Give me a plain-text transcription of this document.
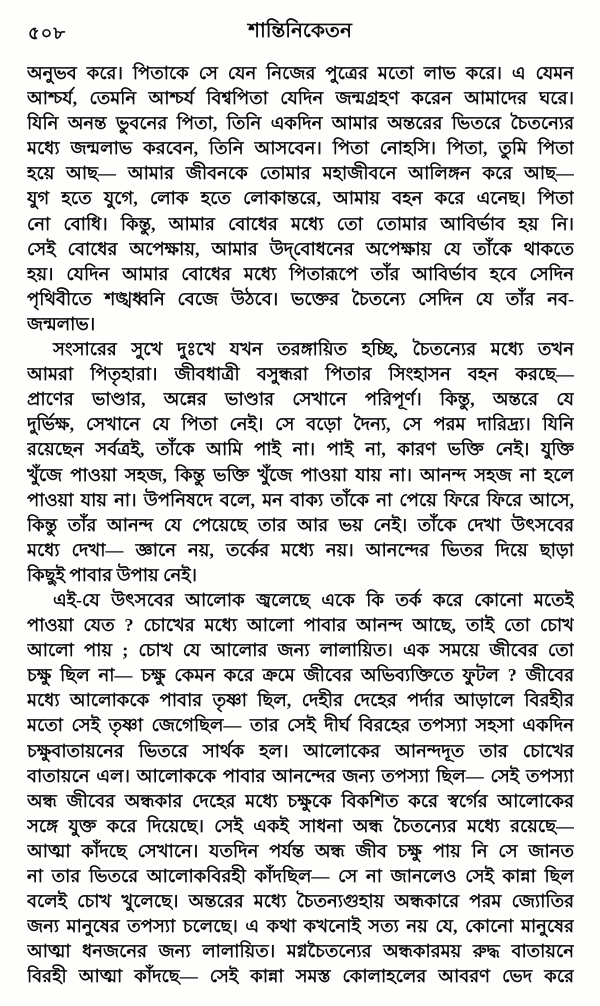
৫০৮	শান্তিনিকেতন
অনুভব করে। পিতাকে সে যেন নিজের পুত্রের মতো লাভ করে। এ যেমন
আশ্চর্য, তেমনি আশ্চর্য বিশ্বপিতা যেদিন জন্মগ্রহণ করেন আমাদের ঘরে।
যিনি অনন্ত ভুবনের পিতা, তিনি একদিন আমার অন্তরের ভিতরে চৈতন্যের
মধ্যে জন্মলাভ করবেন, তিনি আসবেন। পিতা নোহসি। পিতা, তুমি পিতা
হয়ে আছ— আমার জীবনকে তোমার মহাজীবনে আলিঙ্গন করে আছ—
যুগ হতে যুগে, লোক হতে লোকান্তরে, আমায় বহন করে এনেছ। পিতা
নো বোধি। কিন্তু, আমার বোধের মধ্যে তো তোমার আবির্ভাব হয় নি।
সেই বোধের অপেক্ষায়, আমার উদ্‌বোধনের অপেক্ষায় যে তাঁকে থাকতে
হয়। যেদিন আমার বোধের মধ্যে পিতারূপে তাঁর আবির্ভাব হবে সেদিন
পৃথিবীতে শঙ্খধ্বনি বেজে উঠবে। ভক্তের চৈতন্যে সেদিন যে তাঁর নব-
জন্মলাভ।
সংসারের সুখে দুঃখে যখন তরঙ্গায়িত হচ্ছি, চৈতন্যের মধ্যে তখন
আমরা পিতৃহারা। জীবধাত্রী বসুন্ধরা পিতার সিংহাসন বহন করছে—
প্রাণের ভাণ্ডার, অন্নের ভাণ্ডার সেখানে পরিপূর্ণ। কিন্তু, অন্তরে যে
দুর্ভিক্ষ, সেখানে যে পিতা নেই। সে বড়ো দৈন্য, সে পরম দারিদ্র্য। যিনি
রয়েছেন সর্বত্রই, তাঁকে আমি পাই না। পাই না, কারণ ভক্তি নেই। যুক্তি
খুঁজে পাওয়া সহজ, কিন্তু ভক্তি খুঁজে পাওয়া যায় না। আনন্দ সহজ না হলে
পাওয়া যায় না। উপনিষদে বলে, মন বাক্য তাঁকে না পেয়ে ফিরে ফিরে আসে,
কিন্তু তাঁর আনন্দ যে পেয়েছে তার আর ভয় নেই। তাঁকে দেখা উৎসবের
মধ্যে দেখা— জ্ঞানে নয়, তর্কের মধ্যে নয়। আনন্দের ভিতর দিয়ে ছাড়া
কিছুই পাবার উপায় নেই।
এই-যে উৎসবের আলোক জ্বলেছে একে কি তর্ক করে কোনো মতেই
পাওয়া যেত ? চোখের মধ্যে আলো পাবার আনন্দ আছে, তাই তো চোখ
আলো পায় ; চোখ যে আলোর জন্য লালায়িত। এক সময়ে জীবের তো
চক্ষু ছিল না— চক্ষু কেমন করে ক্রমে জীবের অভিব্যক্তিতে ফুটল ? জীবের
মধ্যে আলোককে পাবার তৃষ্ণা ছিল, দেহীর দেহের পর্দার আড়ালে বিরহীর
মতো সেই তৃষ্ণা জেগেছিল— তার সেই দীর্ঘ বিরহের তপস্যা সহসা একদিন
চক্ষুবাতায়নের ভিতরে সার্থক হল। আলোকের আনন্দদূত তার চোখের
বাতায়নে এল। আলোককে পাবার আনন্দের জন্য তপস্যা ছিল— সেই তপস্যা
অন্ধ জীবের অন্ধকার দেহের মধ্যে চক্ষুকে বিকশিত করে স্বর্গের আলোকের
সঙ্গে যুক্ত করে দিয়েছে। সেই একই সাধনা অন্ধ চৈতন্যের মধ্যে রয়েছে—
আত্মা কাঁদছে সেখানে। যতদিন পর্যন্ত অন্ধ জীব চক্ষু পায় নি সে জানত
না তার ভিতরে আলোকবিরহী কাঁদছিল— সে না জানলেও সেই কান্না ছিল
বলেই চোখ খুলেছে। অন্তরের মধ্যে চৈতন্যগুহায় অন্ধকারে পরম জ্যোতির
জন্য মানুষের তপস্যা চলেছে। এ কথা কখনোই সত্য নয় যে, কোনো মানুষের
আত্মা ধনজনের জন্য লালায়িত। মগ্নচৈতন্যের অন্ধকারময় রুদ্ধ বাতায়নে
বিরহী আত্মা কাঁদছে— সেই কান্না সমস্ত কোলাহলের আবরণ ভেদ করে
